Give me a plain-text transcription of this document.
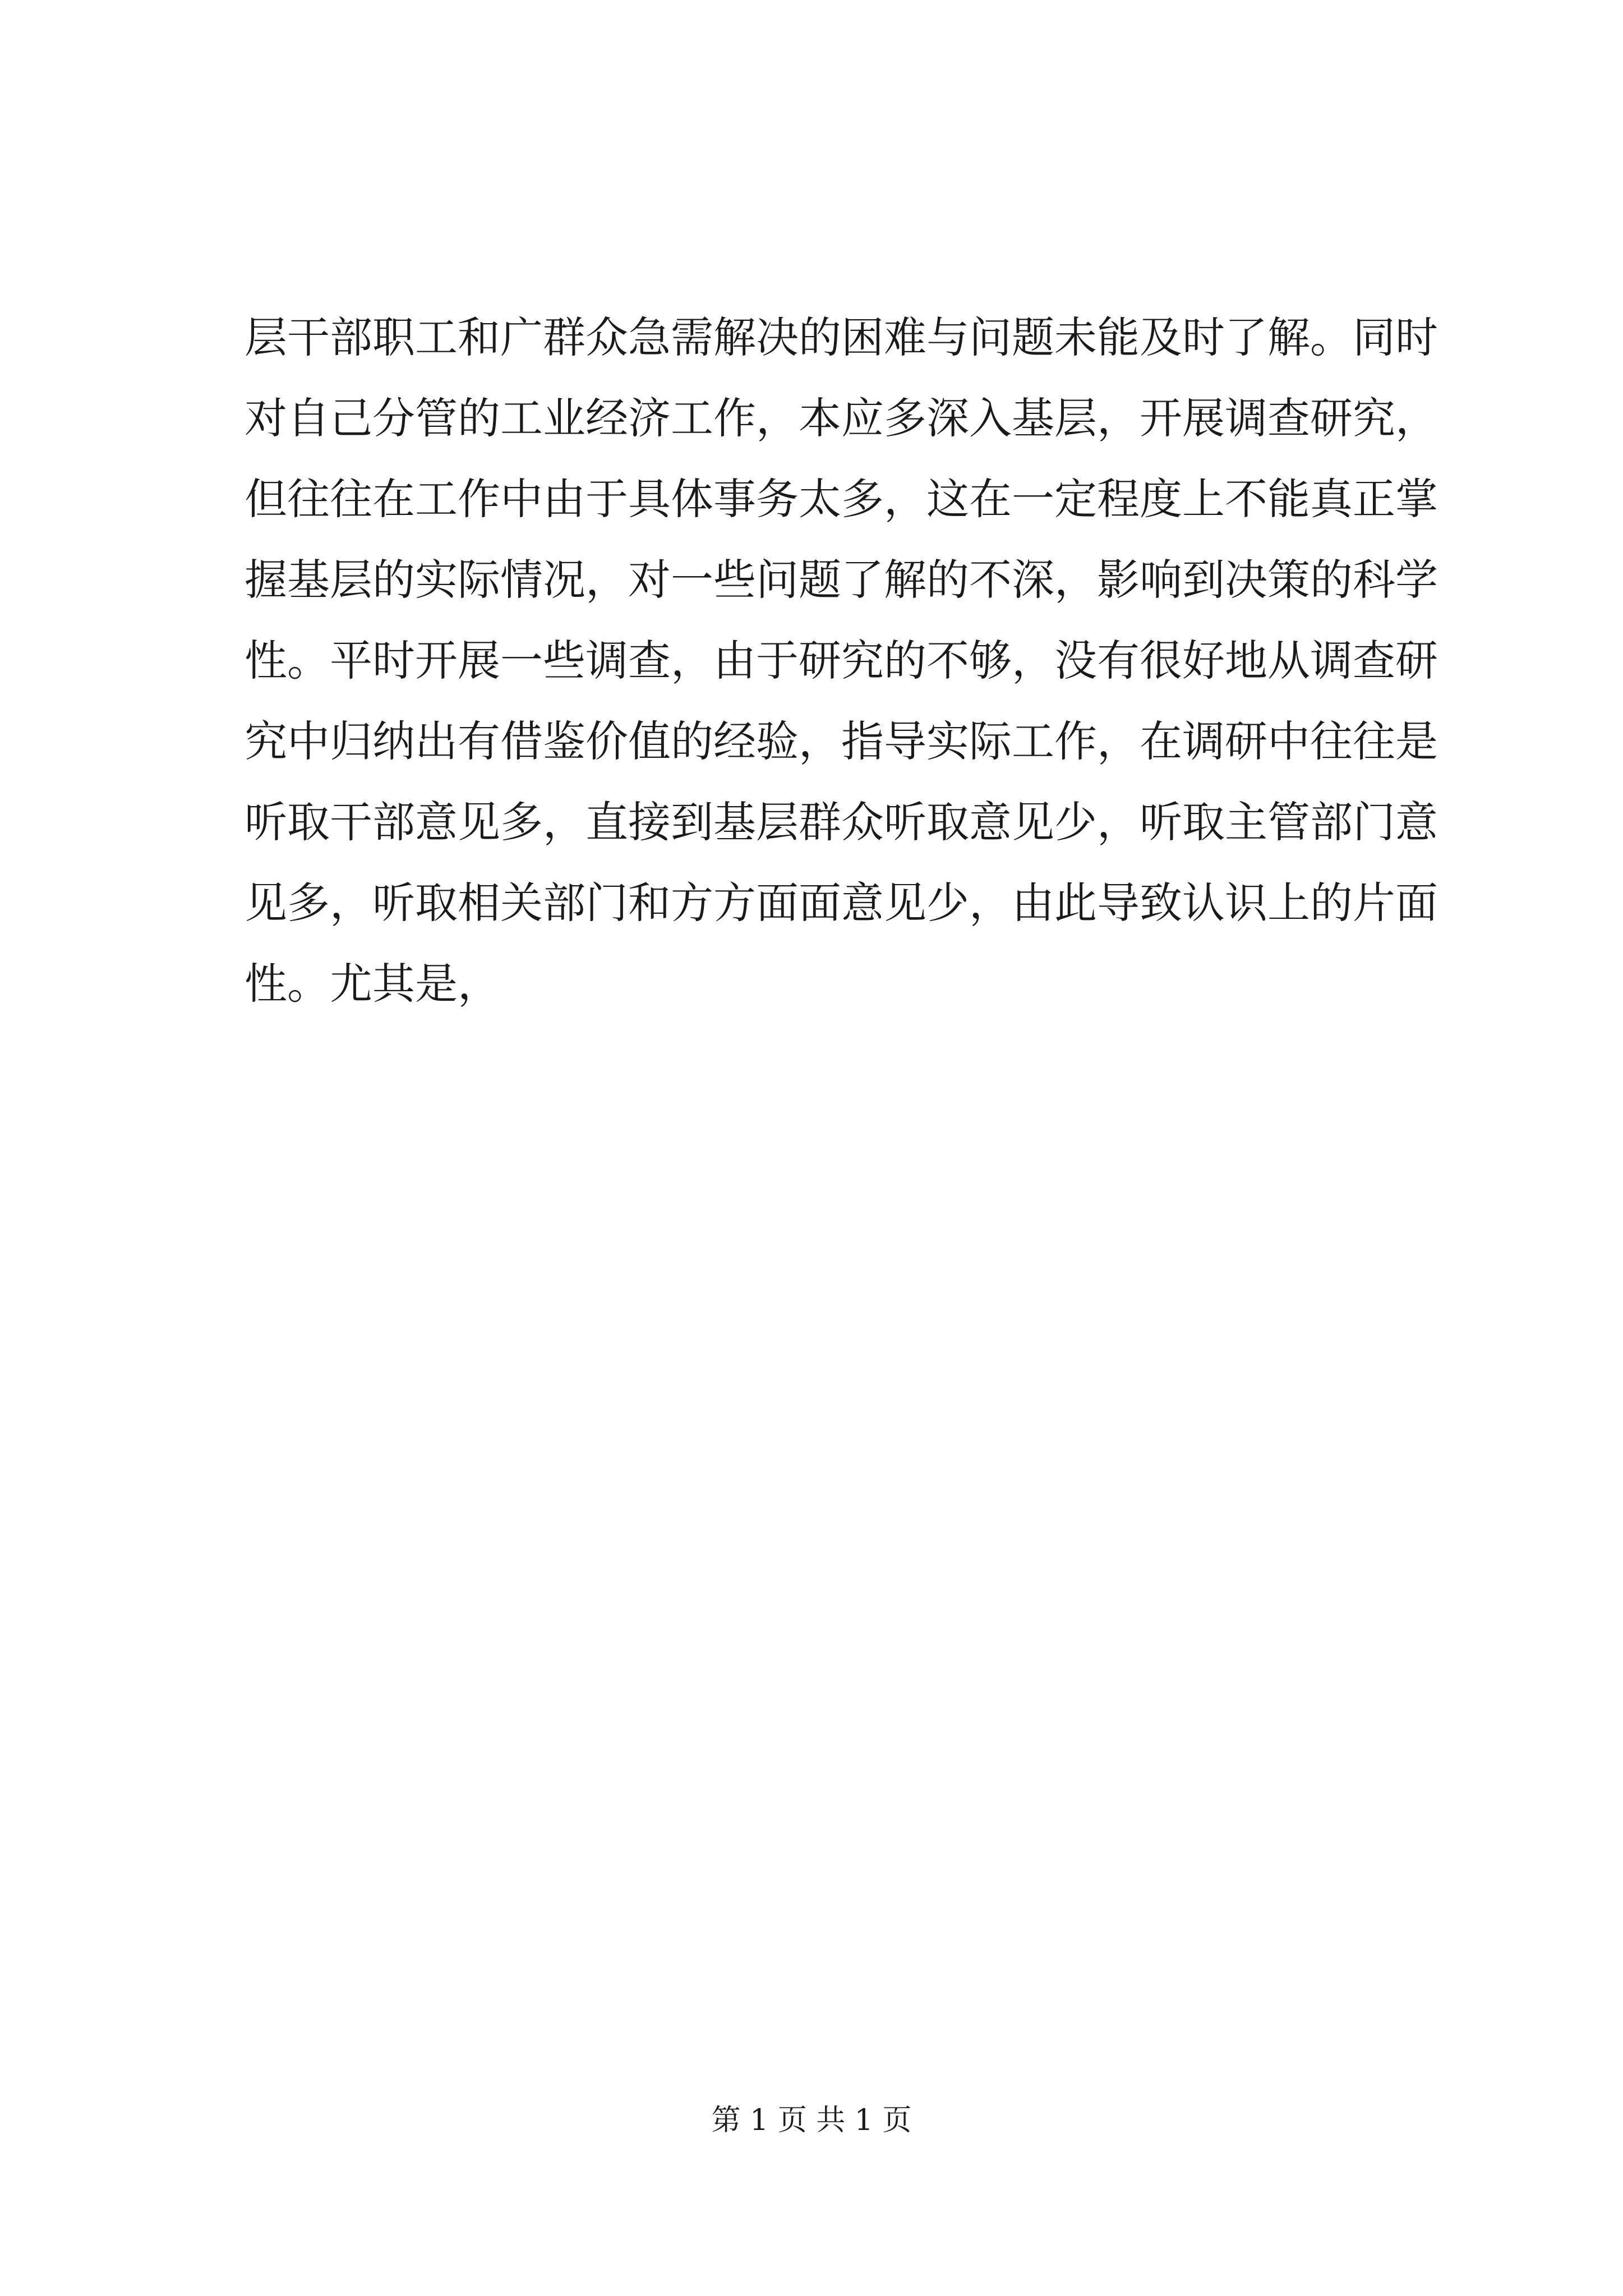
层干部职工和广群众急需解决的困难与问题未能及时了解。同时
对自己分管的工业经济工作，本应多深入基层，开展调查研究，
但往往在工作中由于具体事务太多，这在一定程度上不能真正掌
握基层的实际情况，对一些问题了解的不深，影响到决策的科学
性。平时开展一些调查，由于研究的不够，没有很好地从调查研
究中归纳出有借鉴价值的经验，指导实际工作，在调研中往往是
听取干部意见多，直接到基层群众听取意见少，听取主管部门意
见多，听取相关部门和方方面面意见少，由此导致认识上的片面
性。尤其是，
第 1 页 共 1 页
